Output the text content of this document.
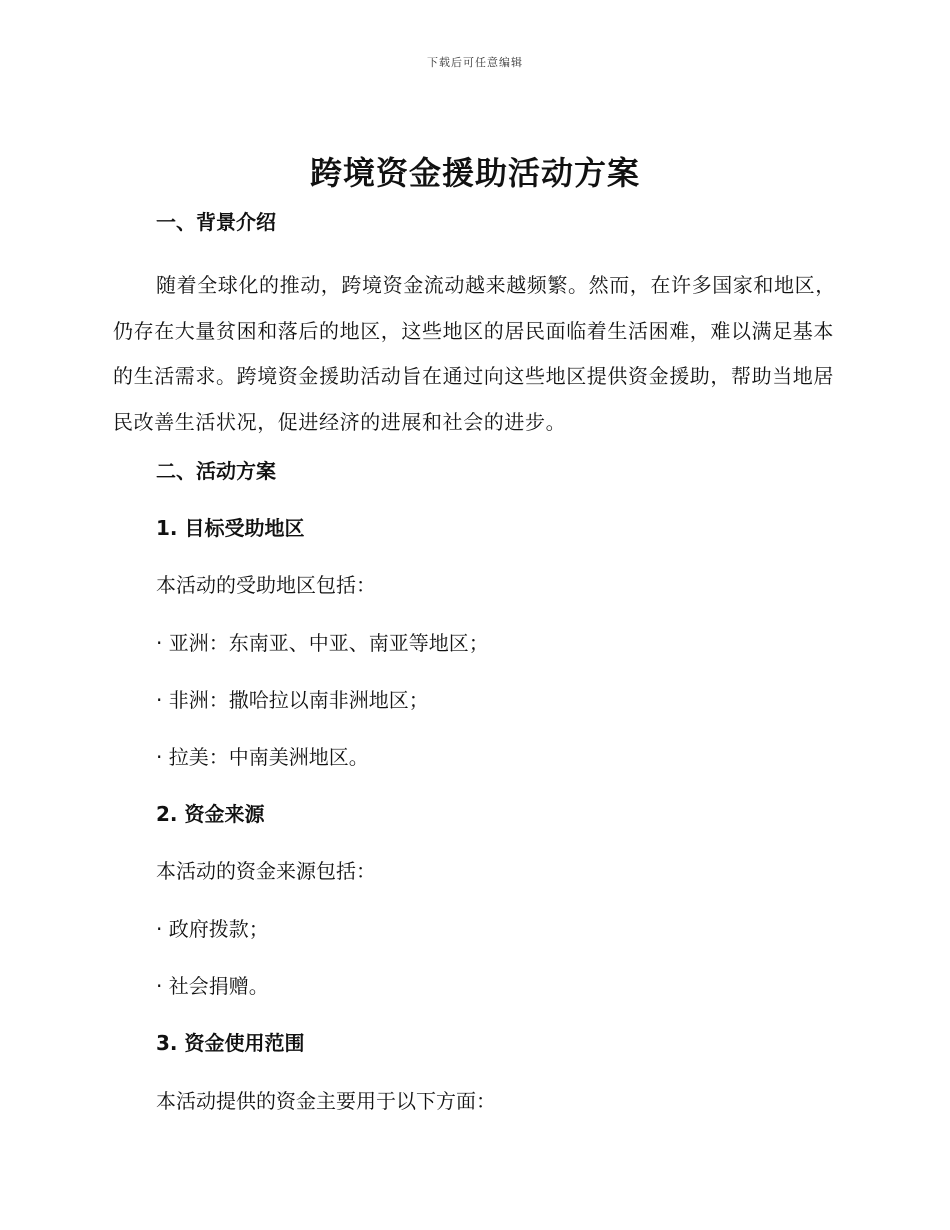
下载后可任意编辑
跨境资金援助活动方案
一、背景介绍
随着全球化的推动，跨境资金流动越来越频繁。然而，在许多国家和地区，仍存在大量贫困和落后的地区，这些地区的居民面临着生活困难，难以满足基本的生活需求。跨境资金援助活动旨在通过向这些地区提供资金援助，帮助当地居民改善生活状况，促进经济的进展和社会的进步。
二、活动方案
1. 目标受助地区
本活动的受助地区包括：
· 亚洲：东南亚、中亚、南亚等地区；
· 非洲：撒哈拉以南非洲地区；
· 拉美：中南美洲地区。
2. 资金来源
本活动的资金来源包括：
· 政府拨款；
· 社会捐赠。
3. 资金使用范围
本活动提供的资金主要用于以下方面：
